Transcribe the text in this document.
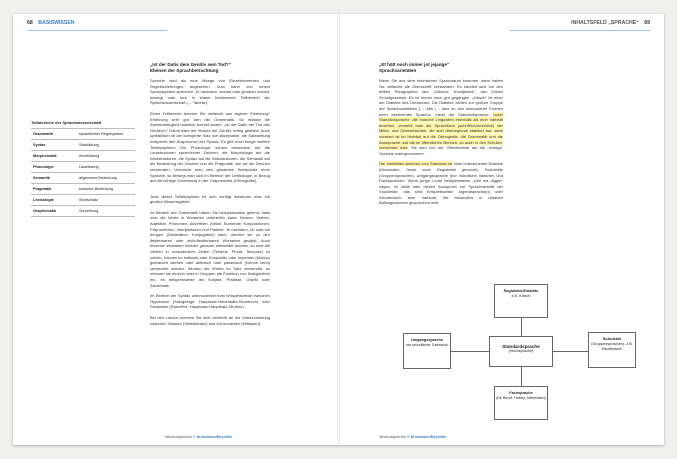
68 BASISWISSEN
Teilbereiche der Sprachwissenschaft
Grammatik	sprachliches Regelsystem
Syntax	Satzbildung
Morphematik	Wortbildung
Phonologie	Lautbildung
Semantik	allgemeine Bedeutung
Pragmatik	konkrete Bedeutung
Lexikologie	Wortschatz
Graphematik	Schreibung
„Ist der Dativ dem Genitiv sein Tod?“
Ebenen der Sprachbetrachtung

Sprache wird als eine Menge von Einzelelementen und Regelbeziehungen angesehen, man kann von einem Sprachsystem sprechen. Je nachdem, worauf man genauer schaut, bewegt man sich in einem bestimmten Teilbereich der Sprachwissenschaft (→ Tabelle).

Einen Teilbereich kennen Sie vielleicht aus eigener Erfahrung? Erfahrung sehr gut: den der Grammatik. So müsste die Zweckmäßigkeit natürlich korrekt lauten: „Ist der Dativ der Tod des Genitivs?“ Damit wäre der Wortes der Genitiv richtig gebildet. Auch syntaktisch ist der korrigierte Satz nun akzeptabel, die Satzstellung entspricht den Ansprüchen der Syntax. Es gibt noch einige weitere Teildisziplinen: Die Phonologie schaut besonders auf die Lautstrukturen sprachlicher Zeichen, die Morphologie auf die Wortstrukturen, die Syntax auf die Satzstrukturen, die Semantik auf die Bedeutung der Zeichen und die Pragmatik, wie wir die Zeichen verwenden. Unterscht man den gesamten Wortschatz einer Sprache, so bewegt man sich im Bereich der Lexikologie, in Bezug auf die richtige Schreibung in der Graphematik (Orthografie).

Jede dieser Teildisziplinen für sich verfügt wiederum über ein großes Wissensgebiet.

Im Bereich der Grammatik haben Sie beispielsweise gelernt, dass man die Worte in Wortarten unterteilen kann: Nomen, Verben, Adjektive, Pronomen, Adverbien, Artikel, Numerale, Konjunktionen, Präpositionen, Interjektionen und Partikel. Je nachdem, ob man sie beugen (Deklination, Konjugation) kann, werden sie zu den flektierbaren oder nicht-flektierbaren Wortarten gezählt. Auch einzelne Wortarten können genauer betrachtet werden, so sind die Verben in verschiedene Zeiten (Tempus, Plural: Tempora) zu setzen, können im Indikativ oder Konjunktiv oder Imperativ (Modus) gebraucht werden oder aktivisch oder passivisch (Genus verbi) verwendet werden. Wurden die Wörter im Satz verwendet, so nehmen sie einzeln oder in Gruppen die Funktion von Satzgliedern ein, es beispielsweise als Subjekt, Prädikat, Objekt oder Adverbiale.

Im Bereich der Syntax unterscheidet man beispielsweise zwischen Hypotaxen (Satzgefüge: Hauptsatz-Nebensatz-Strukturen) oder Parataxen (Satzreihe: Hauptsatz-Hauptsatz-Struktur).

Bei den Lauten erinnern Sie sich vielleicht an die Unterscheidung zwischen Vokalen (Selbstlauten) und Konsonanten (Mitlauten).

Wissensspeicher © Brinkmann/Meyhöfer
INHALTSFELD „SPRACHE“ 69
„Et hätt noch immer jot jejange“
Sprachvarietäten

Wenn Sie aus dem rheinischen Sprachraum kommen, dann haben Sie vielleicht die Überschrift verstanden: Es handelt sich um den dritten Paragraphen des „Kölsche Jrundjesetz“, des Kölner Grundgesetzes: Es ist immer noch gut gegangen. „Kölsch“ ist einer der Dialekte des Deutschen. Die Dialekte zählen zur großen Gruppe der Sprachvarietäten (→ Abb.) – also zu den besonderen Formen einer bestimmten Sprache, meist der Standardsprache. Unter Standardsprache, die manche Linguisten ebenfalls als eine Varietät ansehen, versteht man die Sprachform (schriftlich/mündlich) der Mittel- und Oberschichten, die sich überregional etabliert hat, stark normiert ist im Hinblick auf die Orthografie, die Grammatik und die Aussprache und die im öffentlichen Bereich, so auch in den Schulen, verwendet wird. Sie wird von der Öffentlichkeit als die „richtige“ Sprache wahrgenommen.

Die Varietäten weichen vom Standard ab. Man unterscheidet Dialekte (Mundarten, heute auch Regiolekte genannt), Soziolekte (Gruppensprachen), Umgangssprache (nur mündliche Variante) und Fachsprachen. Wenn junge Leute beispielsweise „chill ma digger“ sagen, so zählt man diesen Ausspruch zur Sprachvarietät der Soziolekte, das sind beispielsweise Jugendsprache(n) oder Kiezdeutsch, eine Variante, die besonders in urbanen Ballungsräumen gesprochen wird.

Standardsprache
(Hochsprache)
Regiolekte/Dialekte
z.B. Kölsch
Umgangssprache
nur mündlicher Gebrauch
Soziolekte
(Gruppensprachen), z.B. Kiezdeutsch
Fachsprache
(für Beruf, Hobby, Interessen)
Wissensspeicher © Brinkmann/Meyhöfer
